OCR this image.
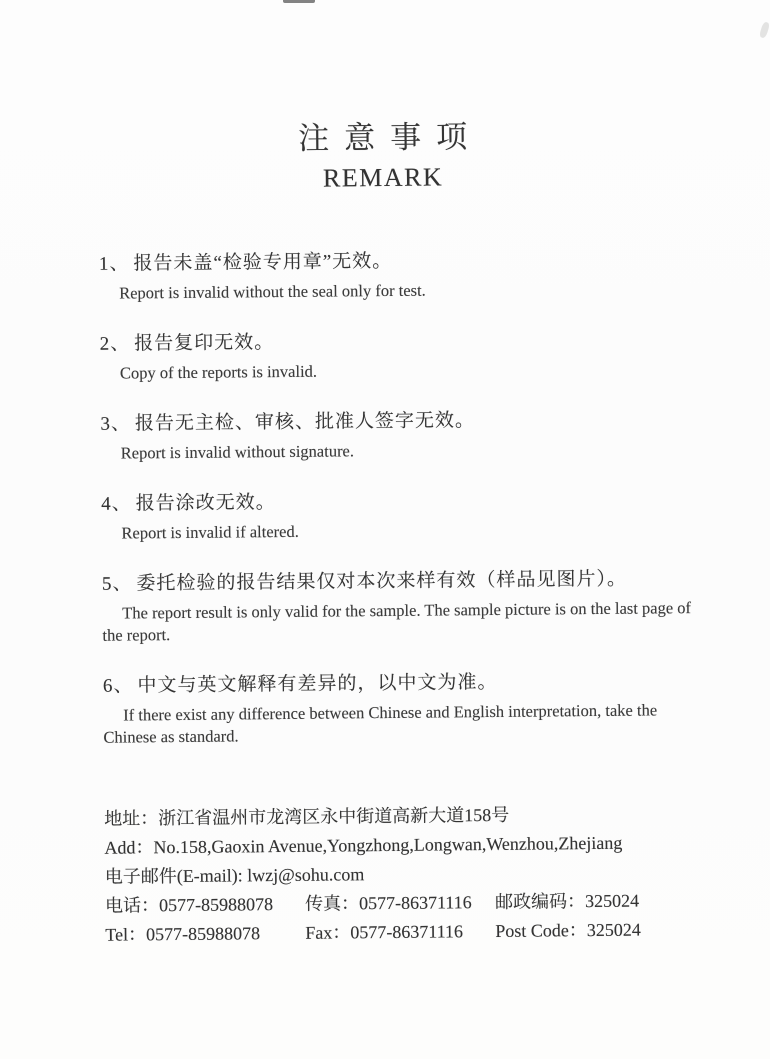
注意事项
REMARK
1、 报告未盖“检验专用章”无效。
Report is invalid without the seal only for test.
2、 报告复印无效。
Copy of the reports is invalid.
3、 报告无主检、审核、批准人签字无效。
Report is invalid without signature.
4、 报告涂改无效。
Report is invalid if altered.
5、 委托检验的报告结果仅对本次来样有效（样品见图片）。
The report result is only valid for the sample. The sample picture is on the last page of the report.
6、 中文与英文解释有差异的，以中文为准。
If there exist any difference between Chinese and English interpretation, take the Chinese as standard.
地址：浙江省温州市龙湾区永中街道高新大道158号
Add：No.158,Gaoxin Avenue,Yongzhong,Longwan,Wenzhou,Zhejiang
电子邮件(E-mail): lwzj@sohu.com
电话：0577-85988078	传真：0577-86371116	邮政编码：325024
Tel：0577-85988078	Fax：0577-86371116	Post Code：325024
